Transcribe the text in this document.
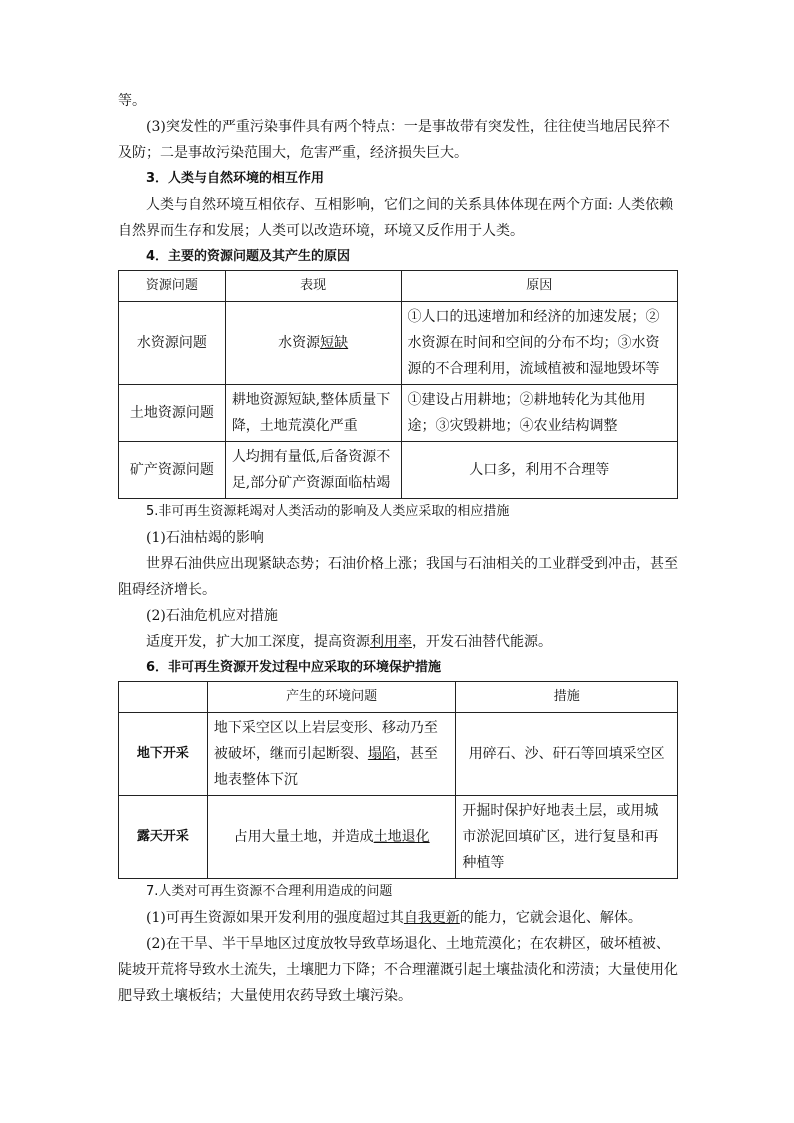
等。

(3)突发性的严重污染事件具有两个特点：一是事故带有突发性，往往使当地居民猝不及防；二是事故污染范围大，危害严重，经济损失巨大。

3．人类与自然环境的相互作用

人类与自然环境互相依存、互相影响，它们之间的关系具体体现在两个方面: 人类依赖自然界而生存和发展；人类可以改造环境，环境又反作用于人类。

4．主要的资源问题及其产生的原因

资源问题	表现	原因
水资源问题	水资源短缺	①人口的迅速增加和经济的加速发展；②水资源在时间和空间的分布不均；③水资源的不合理利用，流域植被和湿地毁坏等
土地资源问题	耕地资源短缺,整体质量下降，土地荒漠化严重	①建设占用耕地；②耕地转化为其他用途；③灾毁耕地；④农业结构调整
矿产资源问题	人均拥有量低,后备资源不足,部分矿产资源面临枯竭	人口多，利用不合理等

5.非可再生资源耗竭对人类活动的影响及人类应采取的相应措施

(1)石油枯竭的影响

世界石油供应出现紧缺态势；石油价格上涨；我国与石油相关的工业群受到冲击，甚至阻碍经济增长。

(2)石油危机应对措施

适度开发，扩大加工深度，提高资源利用率，开发石油替代能源。

6．非可再生资源开发过程中应采取的环境保护措施

	产生的环境问题	措施
地下开采	地下采空区以上岩层变形、移动乃至被破坏，继而引起断裂、塌陷，甚至地表整体下沉	用碎石、沙、矸石等回填采空区
露天开采	占用大量土地，并造成土地退化	开掘时保护好地表土层，或用城市淤泥回填矿区，进行复垦和再种植等

7.人类对可再生资源不合理利用造成的问题

(1)可再生资源如果开发利用的强度超过其自我更新的能力，它就会退化、解体。

(2)在干旱、半干旱地区过度放牧导致草场退化、土地荒漠化；在农耕区，破坏植被、陡坡开荒将导致水土流失，土壤肥力下降；不合理灌溉引起土壤盐渍化和涝渍；大量使用化肥导致土壤板结；大量使用农药导致土壤污染。
